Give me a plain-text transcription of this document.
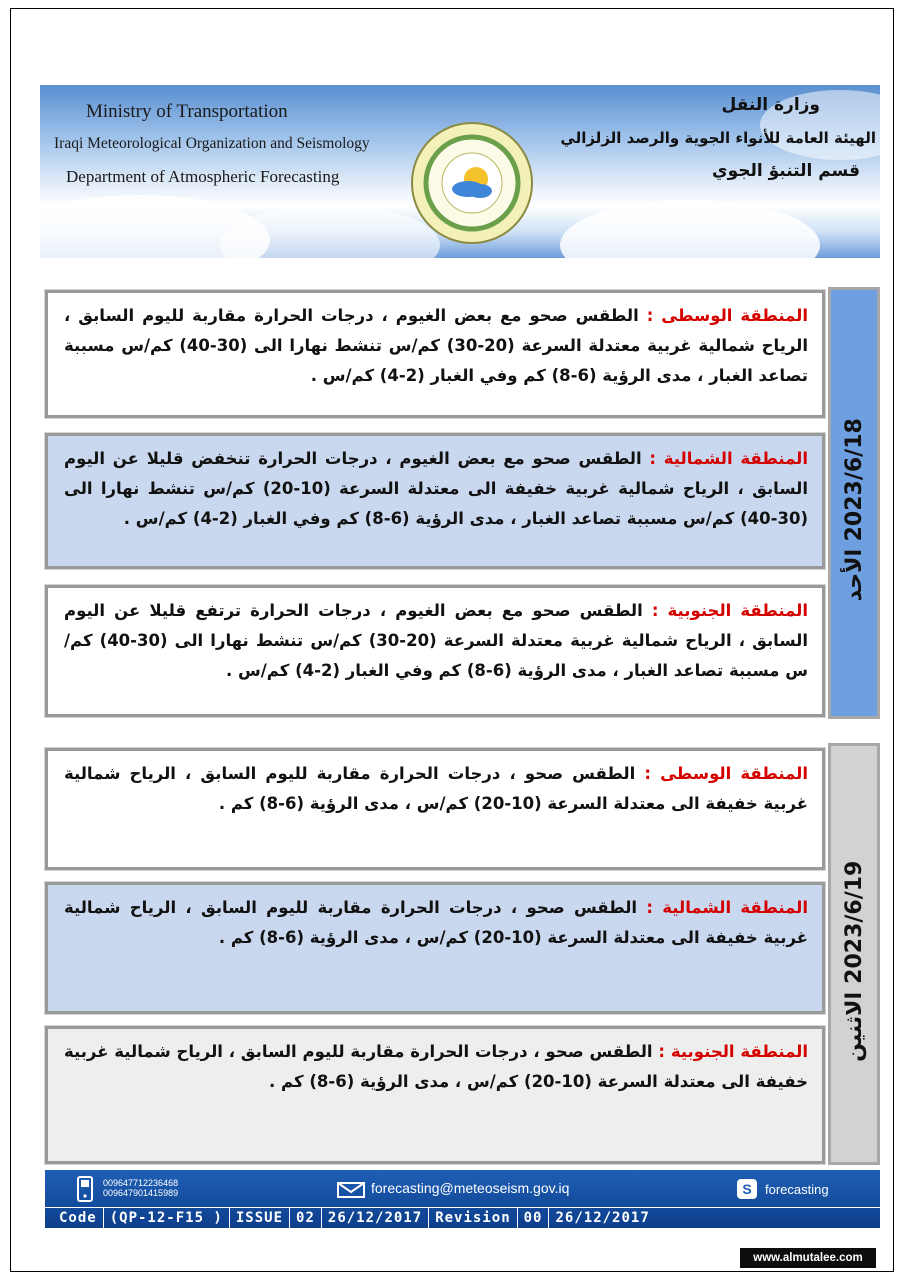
Ministry of Transportation
Iraqi Meteorological Organization and Seismology
Department of Atmospheric Forecasting
وزارة النقل
الهيئة العامة للأنواء الجوية والرصد الزلزالي
قسم التنبؤ الجوي
المنطقة الوسطى : الطقس صحو مع بعض الغيوم ، درجات الحرارة مقاربة لليوم السابق ، الرياح شمالية غربية معتدلة السرعة (20-30) كم/س تنشط نهارا الى (30-40) كم/س مسببة تصاعد الغبار ، مدى الرؤية (6-8) كم وفي الغبار (2-4) كم/س .
المنطقة الشمالية : الطقس صحو مع بعض الغيوم ، درجات الحرارة تنخفض قليلا عن اليوم السابق ، الرياح شمالية غربية خفيفة الى معتدلة السرعة (10-20) كم/س تنشط نهارا الى (30-40) كم/س مسببة تصاعد الغبار ، مدى الرؤية (6-8) كم وفي الغبار (2-4) كم/س .
المنطقة الجنوبية : الطقس صحو مع بعض الغيوم ، درجات الحرارة ترتفع قليلا عن اليوم السابق ، الرياح شمالية غربية معتدلة السرعة (20-30) كم/س تنشط نهارا الى (30-40) كم/س مسببة تصاعد الغبار ، مدى الرؤية (6-8) كم وفي الغبار (2-4) كم/س .
2023/6/18 الأحد
المنطقة الوسطى : الطقس صحو ، درجات الحرارة مقاربة لليوم السابق ، الرياح شمالية غربية خفيفة الى معتدلة السرعة (10-20) كم/س ، مدى الرؤية (6-8) كم .
المنطقة الشمالية : الطقس صحو ، درجات الحرارة مقاربة لليوم السابق ، الرياح شمالية غربية خفيفة الى معتدلة السرعة (10-20) كم/س ، مدى الرؤية (6-8) كم .
المنطقة الجنوبية : الطقس صحو ، درجات الحرارة مقاربة لليوم السابق ، الرياح شمالية غربية خفيفة الى معتدلة السرعة (10-20) كم/س ، مدى الرؤية (6-8) كم .
2023/6/19 الاثنين
009647712236468
009647901415989	forecasting@meteoseism.gov.iq	S forecasting
Code (QP-12-F15 ) ISSUE 02 26/12/2017 Revision 00 26/12/2017
www.almutalee.com
